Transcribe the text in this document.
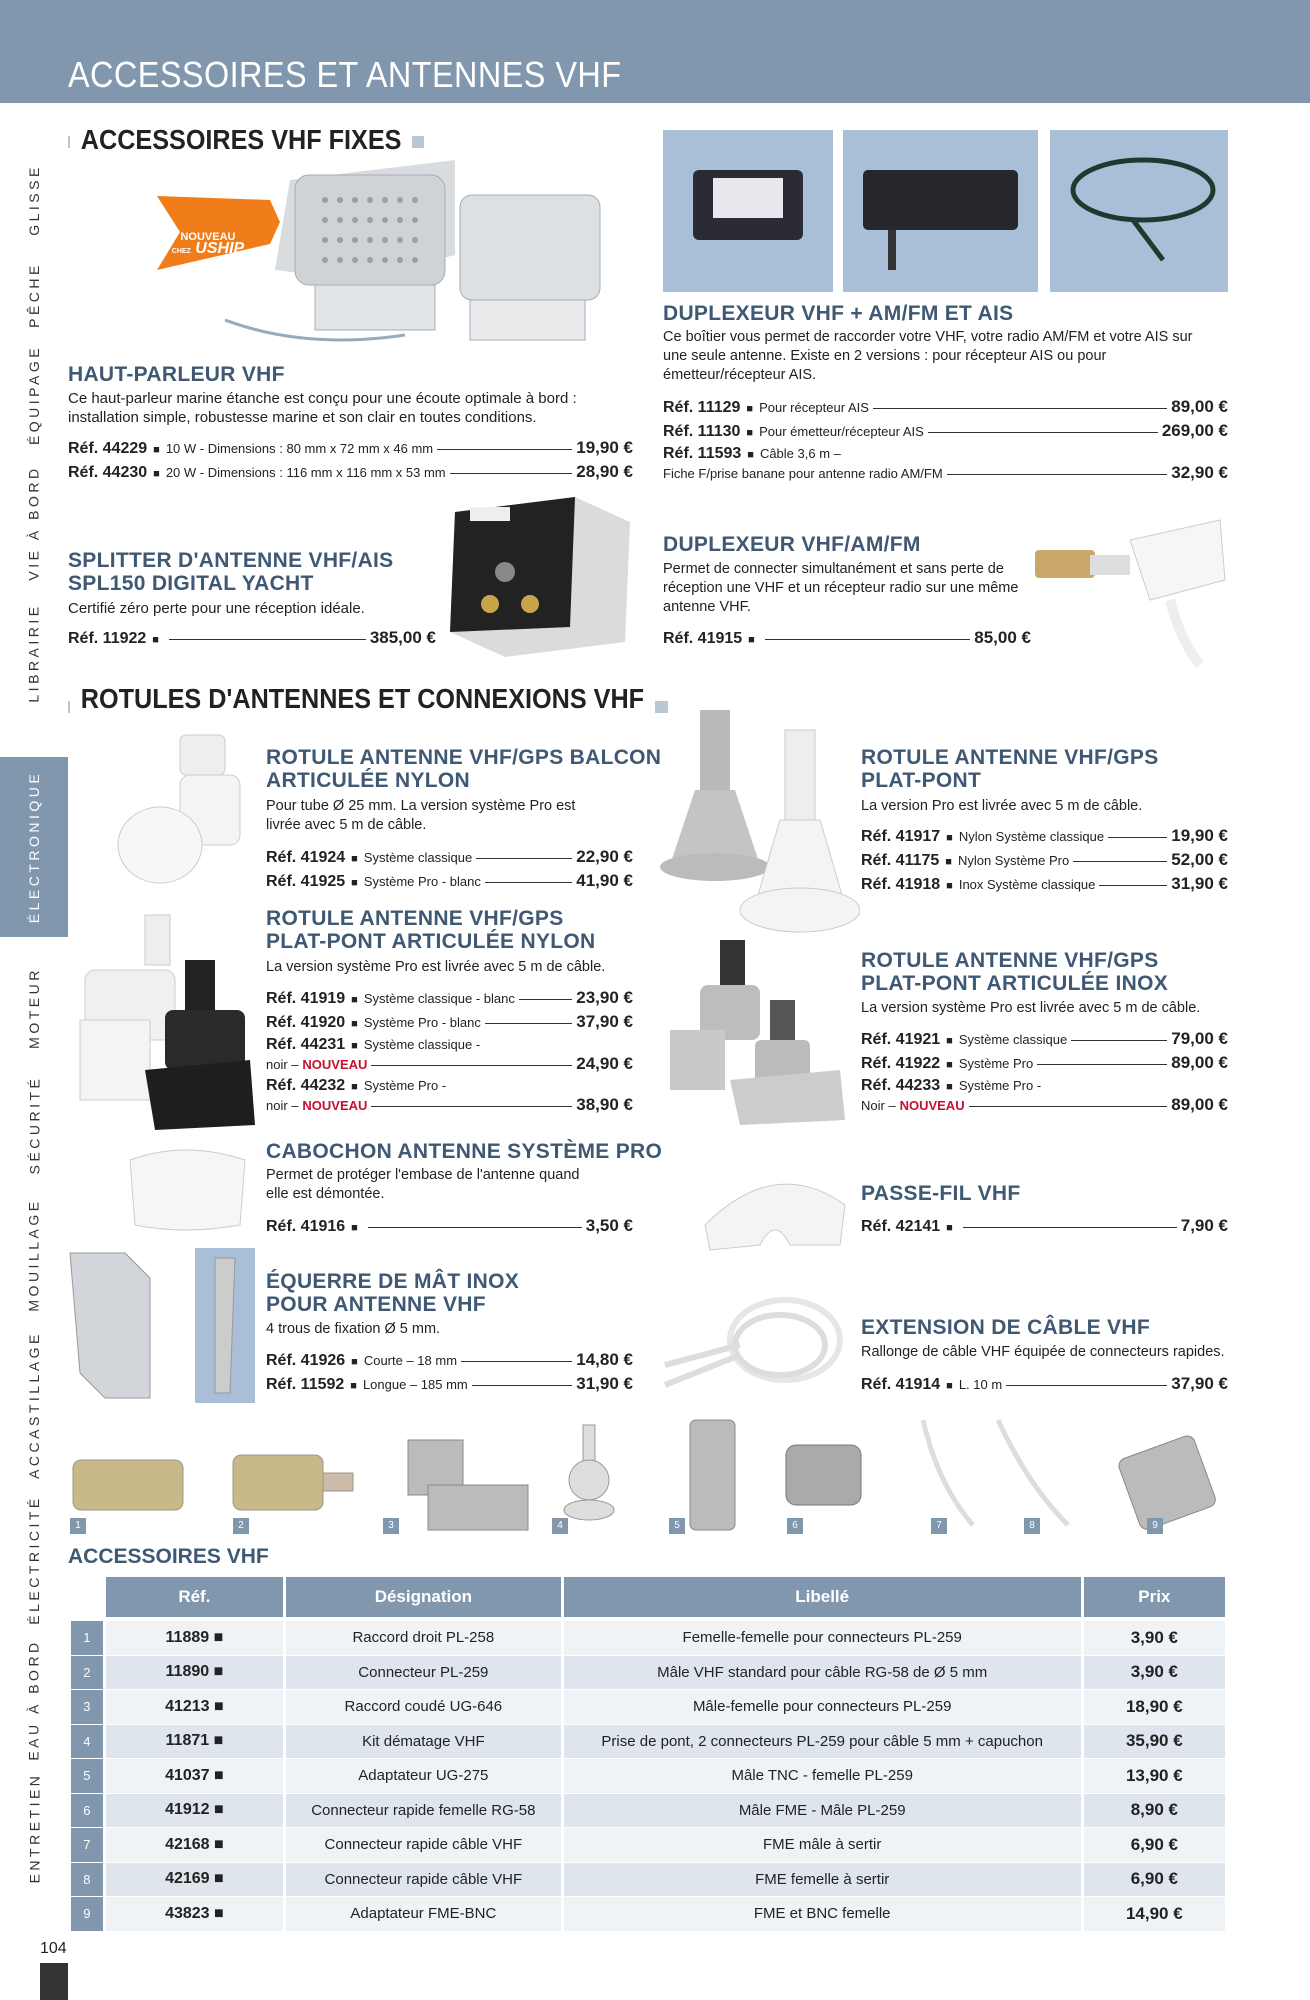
ACCESSOIRES ET ANTENNES VHF
GLISSE
PÊCHE
ÉQUIPAGE
VIE À BORD
LIBRAIRIE
ÉLECTRONIQUE
MOTEUR
SÉCURITÉ
MOUILLAGE
ACCASTILLAGE
ÉLECTRICITÉ
EAU À BORD
ENTRETIEN
ACCESSOIRES VHF FIXES
NOUVEAU
CHEZ USHIP
HAUT-PARLEUR VHF
Ce haut-parleur marine étanche est conçu pour une écoute optimale à bord : installation simple, robustesse marine et son clair en toutes conditions.
Réf. 44229 ■ 10 W - Dimensions : 80 mm x 72 mm x 46 mm	19,90 €
Réf. 44230 ■ 20 W - Dimensions : 116 mm x 116 mm x 53 mm	28,90 €
DUPLEXEUR VHF + AM/FM ET AIS
Ce boîtier vous permet de raccorder votre VHF, votre radio AM/FM et votre AIS sur une seule antenne. Existe en 2 versions : pour récepteur AIS ou pour émetteur/récepteur AIS.
Réf. 11129 ■ Pour récepteur AIS	89,00 €
Réf. 11130 ■ Pour émetteur/récepteur AIS	269,00 €
Réf. 11593 ■ Câble 3,6 m –
Fiche F/prise banane pour antenne radio AM/FM	32,90 €
SPLITTER D'ANTENNE VHF/AIS
SPL150 DIGITAL YACHT
Certifié zéro perte pour une réception idéale.
Réf. 11922 ■	385,00 €
DUPLEXEUR VHF/AM/FM
Permet de connecter simultanément et sans perte de réception une VHF et un récepteur radio sur une même antenne VHF.
Réf. 41915 ■	85,00 €
ROTULES D'ANTENNES ET CONNEXIONS VHF
ROTULE ANTENNE VHF/GPS BALCON
ARTICULÉE NYLON
Pour tube Ø 25 mm. La version système Pro est livrée avec 5 m de câble.
Réf. 41924 ■ Système classique	22,90 €
Réf. 41925 ■ Système Pro - blanc	41,90 €
ROTULE ANTENNE VHF/GPS
PLAT-PONT
La version Pro est livrée avec 5 m de câble.
Réf. 41917 ■ Nylon Système classique	19,90 €
Réf. 41175 ■ Nylon Système Pro	52,00 €
Réf. 41918 ■ Inox Système classique	31,90 €
ROTULE ANTENNE VHF/GPS
PLAT-PONT ARTICULÉE NYLON
La version système Pro est livrée avec 5 m de câble.
Réf. 41919 ■ Système classique - blanc	23,90 €
Réf. 41920 ■ Système Pro - blanc	37,90 €
Réf. 44231 ■ Système classique -
noir –
NOUVEAU	24,90 €
Réf. 44232 ■ Système Pro -
noir –
NOUVEAU	38,90 €
ROTULE ANTENNE VHF/GPS
PLAT-PONT ARTICULÉE INOX
La version système Pro est livrée avec 5 m de câble.
Réf. 41921 ■ Système classique	79,00 €
Réf. 41922 ■ Système Pro	89,00 €
Réf. 44233 ■ Système Pro -
Noir –
NOUVEAU	89,00 €
CABOCHON ANTENNE SYSTÈME PRO
Permet de protéger l'embase de l'antenne quand elle est démontée.
Réf. 41916 ■	3,50 €
PASSE-FIL VHF
Réf. 42141 ■	7,90 €
ÉQUERRE DE MÂT INOX
POUR ANTENNE VHF
4 trous de fixation Ø 5 mm.
Réf. 41926 ■ Courte – 18 mm	14,80 €
Réf. 11592 ■ Longue – 185 mm	31,90 €
EXTENSION DE CÂBLE VHF
Rallonge de câble VHF équipée de connecteurs rapides.
Réf. 41914 ■ L. 10 m	37,90 €
1	2	3	4	5	6	7	8	9
ACCESSOIRES VHF
	Réf.	Désignation	Libellé	Prix
1	11889 ■	Raccord droit PL-258	Femelle-femelle pour connecteurs PL-259	3,90 €
2	11890 ■	Connecteur PL-259	Mâle VHF standard pour câble RG-58 de Ø 5 mm	3,90 €
3	41213 ■	Raccord coudé UG-646	Mâle-femelle pour connecteurs PL-259	18,90 €
4	11871 ■	Kit dématage VHF	Prise de pont, 2 connecteurs PL-259 pour câble 5 mm + capuchon	35,90 €
5	41037 ■	Adaptateur UG-275	Mâle TNC - femelle PL-259	13,90 €
6	41912 ■	Connecteur rapide femelle RG-58	Mâle FME - Mâle PL-259	8,90 €
7	42168 ■	Connecteur rapide câble VHF	FME mâle à sertir	6,90 €
8	42169 ■	Connecteur rapide câble VHF	FME femelle à sertir	6,90 €
9	43823 ■	Adaptateur FME-BNC	FME et BNC femelle	14,90 €
104
